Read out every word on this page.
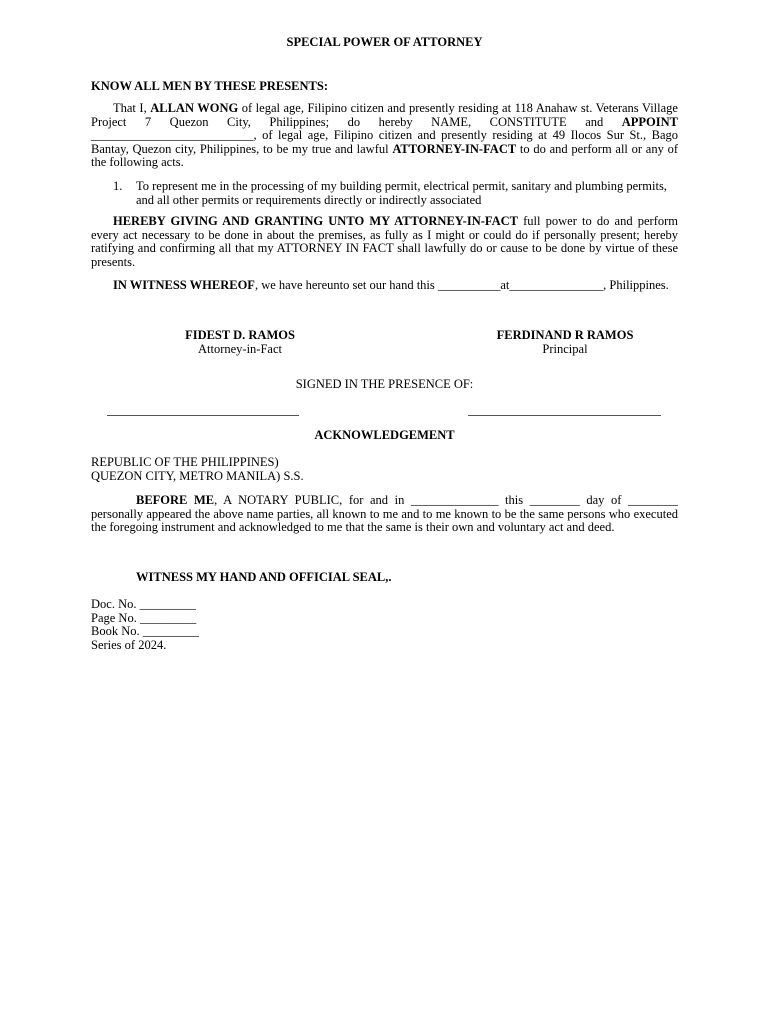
SPECIAL POWER OF ATTORNEY
KNOW ALL MEN BY THESE PRESENTS:

That I, ALLAN WONG of legal age, Filipino citizen and presently residing at 118 Anahaw st. Veterans Village Project 7 Quezon City, Philippines; do hereby NAME, CONSTITUTE and APPOINT __________________________, of legal age, Filipino citizen and presently residing at 49 Ilocos Sur St., Bago Bantay, Quezon city, Philippines, to be my true and lawful ATTORNEY-IN-FACT to do and perform all or any of the following acts.

1. To represent me in the processing of my building permit, electrical permit, sanitary and plumbing permits, and all other permits or requirements directly or indirectly associated

HEREBY GIVING AND GRANTING UNTO MY ATTORNEY-IN-FACT full power to do and perform every act necessary to be done in about the premises, as fully as I might or could do if personally present; hereby ratifying and confirming all that my ATTORNEY IN FACT shall lawfully do or cause to be done by virtue of these presents.

IN WITNESS WHEREOF, we have hereunto set our hand this __________at_______________, Philippines.

FIDEST D. RAMOS
Attorney-in-Fact
FERDINAND R RAMOS
Principal
SIGNED IN THE PRESENCE OF:
ACKNOWLEDGEMENT
REPUBLIC OF THE PHILIPPINES)
QUEZON CITY, METRO MANILA) S.S.

BEFORE ME, A NOTARY PUBLIC, for and in ______________ this ________ day of ________ personally appeared the above name parties, all known to me and to me known to be the same persons who executed the foregoing instrument and acknowledged to me that the same is their own and voluntary act and deed.

WITNESS MY HAND AND OFFICIAL SEAL,.
Doc. No. _________
Page No. _________
Book No. _________
Series of 2024.
